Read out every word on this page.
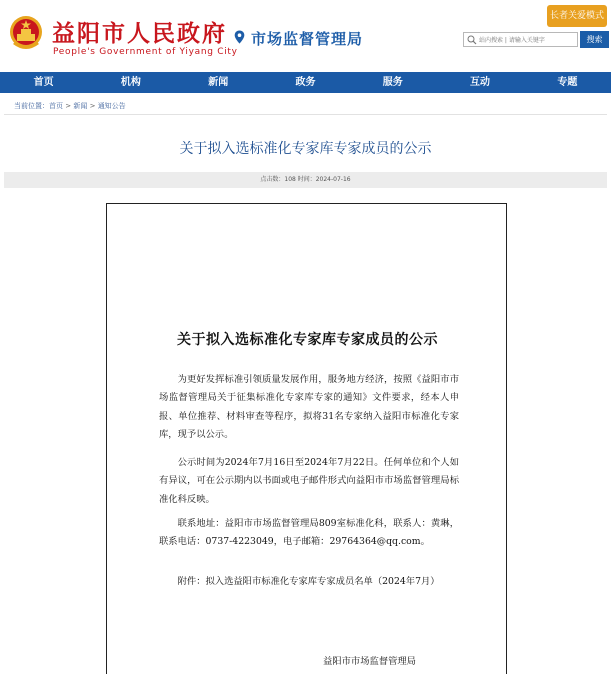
益阳市人民政府
People's Government of Yiyang City
市场监督管理局
长者关爱模式
站内搜索 | 请输入关键字
搜索
首页	机构	新闻	政务	服务	互动	专题
当前位置：首页 > 新闻 > 通知公告
关于拟入选标准化专家库专家成员的公示
点击数：108 时间：2024-07-16
关于拟入选标准化专家库专家成员的公示
为更好发挥标准引领质量发展作用，服务地方经济，按照《益阳市市场监督管理局关于征集标准化专家库专家的通知》文件要求，经本人申报、单位推荐、材料审查等程序，拟将31名专家纳入益阳市标准化专家库，现予以公示。
公示时间为2024年7月16日至2024年7月22日。任何单位和个人如有异议，可在公示期内以书面或电子邮件形式向益阳市市场监督管理局标准化科反映。
联系地址：益阳市市场监督管理局809室标准化科，联系人：黄琳，联系电话：0737-4223049，电子邮箱：29764364@qq.com。
附件：拟入选益阳市标准化专家库专家成员名单（2024年7月）
益阳市市场监督管理局
